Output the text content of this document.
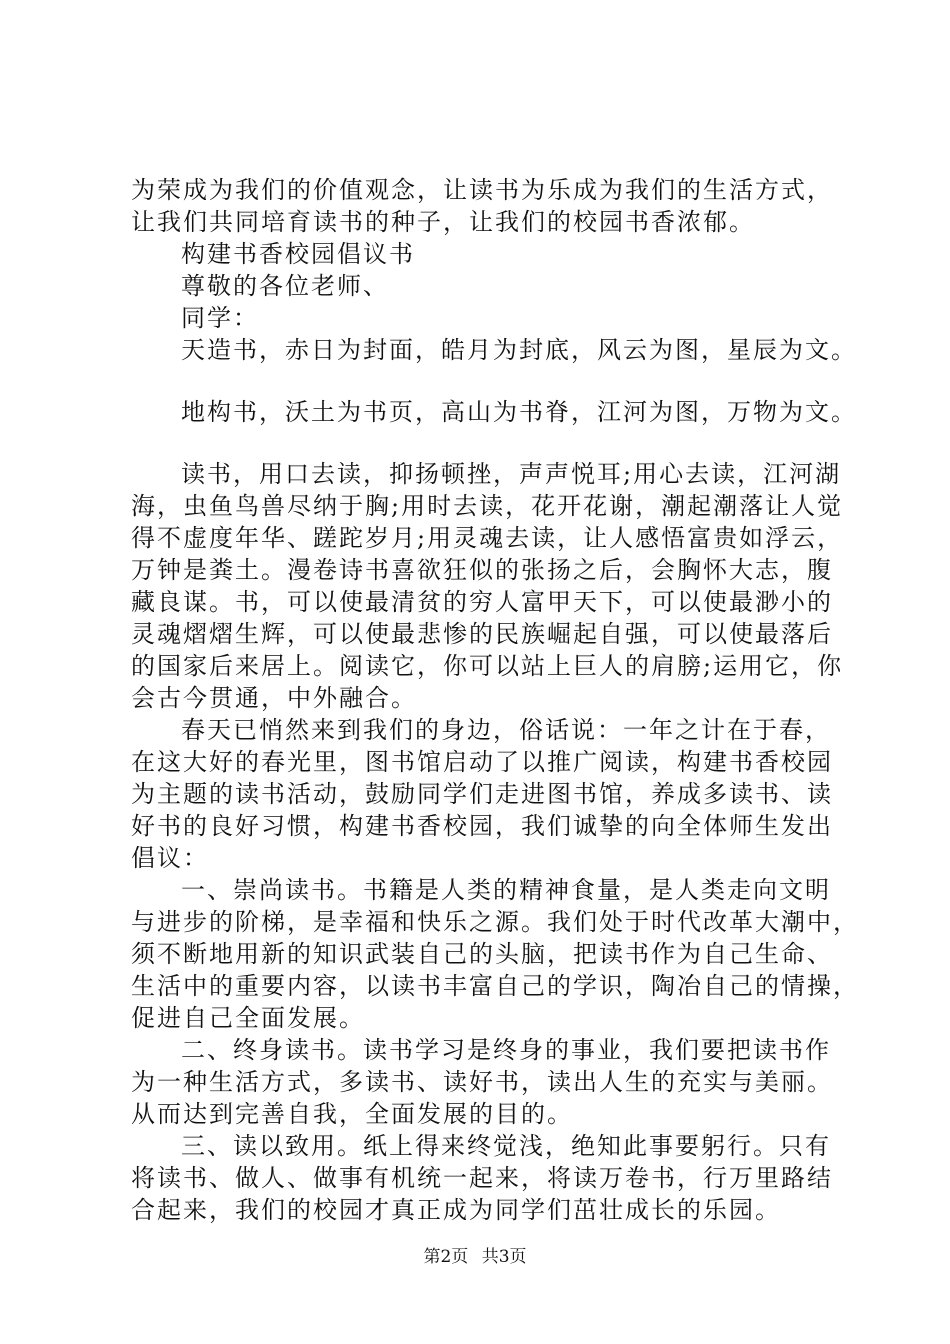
为荣成为我们的价值观念，让读书为乐成为我们的生活方式，
让我们共同培育读书的种子，让我们的校园书香浓郁。
构建书香校园倡议书
尊敬的各位老师、
同学：
天造书，赤日为封面，皓月为封底，风云为图，星辰为文。
地构书，沃土为书页，高山为书脊，江河为图，万物为文。
读书，用口去读，抑扬顿挫，声声悦耳;用心去读，江河湖
海，虫鱼鸟兽尽纳于胸;用时去读，花开花谢，潮起潮落让人觉
得不虚度年华、蹉跎岁月;用灵魂去读，让人感悟富贵如浮云，
万钟是粪土。漫卷诗书喜欲狂似的张扬之后，会胸怀大志，腹
藏良谋。书，可以使最清贫的穷人富甲天下，可以使最渺小的
灵魂熠熠生辉，可以使最悲惨的民族崛起自强，可以使最落后
的国家后来居上。阅读它，你可以站上巨人的肩膀;运用它，你
会古今贯通，中外融合。
春天已悄然来到我们的身边，俗话说：一年之计在于春，
在这大好的春光里，图书馆启动了以推广阅读，构建书香校园
为主题的读书活动，鼓励同学们走进图书馆，养成多读书、读
好书的良好习惯，构建书香校园，我们诚挚的向全体师生发出
倡议：
一、崇尚读书。书籍是人类的精神食量，是人类走向文明
与进步的阶梯，是幸福和快乐之源。我们处于时代改革大潮中，
须不断地用新的知识武装自己的头脑，把读书作为自己生命、
生活中的重要内容，以读书丰富自己的学识，陶冶自己的情操，
促进自己全面发展。
二、终身读书。读书学习是终身的事业，我们要把读书作
为一种生活方式，多读书、读好书，读出人生的充实与美丽。
从而达到完善自我，全面发展的目的。
三、读以致用。纸上得来终觉浅，绝知此事要躬行。只有
将读书、做人、做事有机统一起来，将读万卷书，行万里路结
合起来，我们的校园才真正成为同学们茁壮成长的乐园。
第2页 共3页
